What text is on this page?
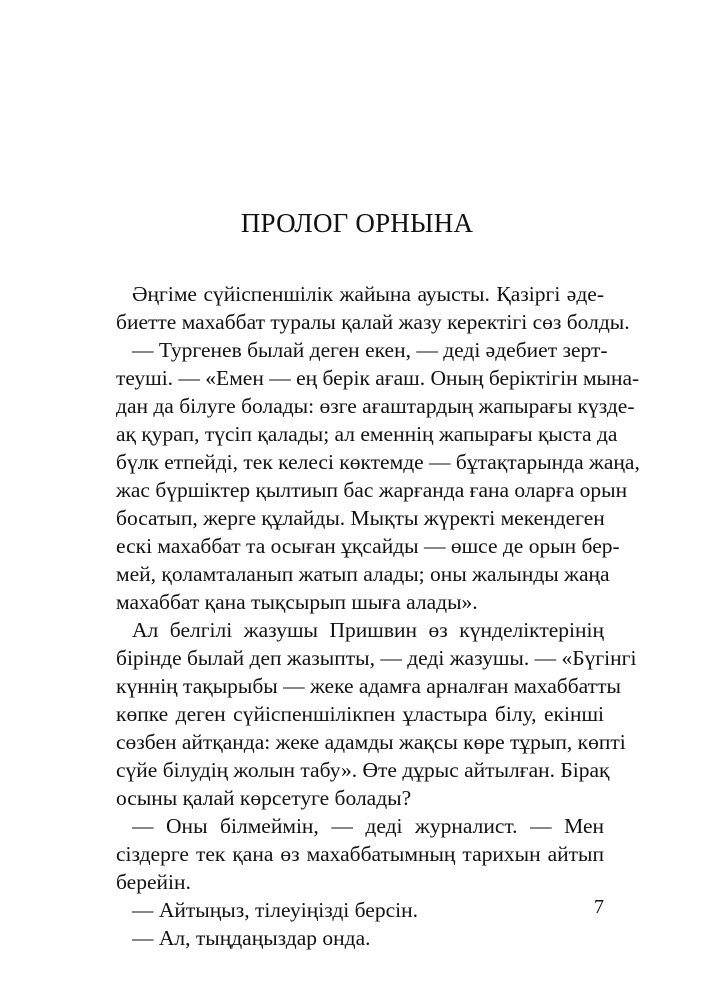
ПРОЛОГ ОРНЫНА
Әңгіме сүйіспеншілік жайына ауысты. Қазіргі әде-
биетте махаббат туралы қалай жазу керектігі сөз болды.
— Тургенев былай деген екен, — деді әдебиет зерт-
теуші. — «Емен — ең берік ағаш. Оның беріктігін мына-
дан да білуге болады: өзге ағаштардың жапырағы күзде-
ақ қурап, түсіп қалады; ал еменнің жапырағы қыста да
бүлк етпейді, тек келесі көктемде — бұтақтарында жаңа,
жас бүршіктер қылтиып бас жарғанда ғана оларға орын
босатып, жерге құлайды. Мықты жүректі мекендеген
ескі махаббат та осыған ұқсайды — өшсе де орын бер-
мей, қоламталанып жатып алады; оны жалынды жаңа
махаббат қана тықсырып шыға алады».
Ал белгілі жазушы Пришвин өз күнделіктерінің
бірінде былай деп жазыпты, — деді жазушы. — «Бүгінгі
күннің тақырыбы — жеке адамға арналған махаббатты
көпке деген сүйіспеншілікпен ұластыра білу, екінші
сөзбен айтқанда: жеке адамды жақсы көре тұрып, көпті
сүйе білудің жолын табу». Өте дұрыс айтылған. Бірақ
осыны қалай көрсетуге болады?
— Оны білмеймін, — деді журналист. — Мен
сіздерге тек қана өз махаббатымның тарихын айтып
берейін.
— Айтыңыз, тілеуіңізді берсін.
— Ал, тыңдаңыздар онда.
7
